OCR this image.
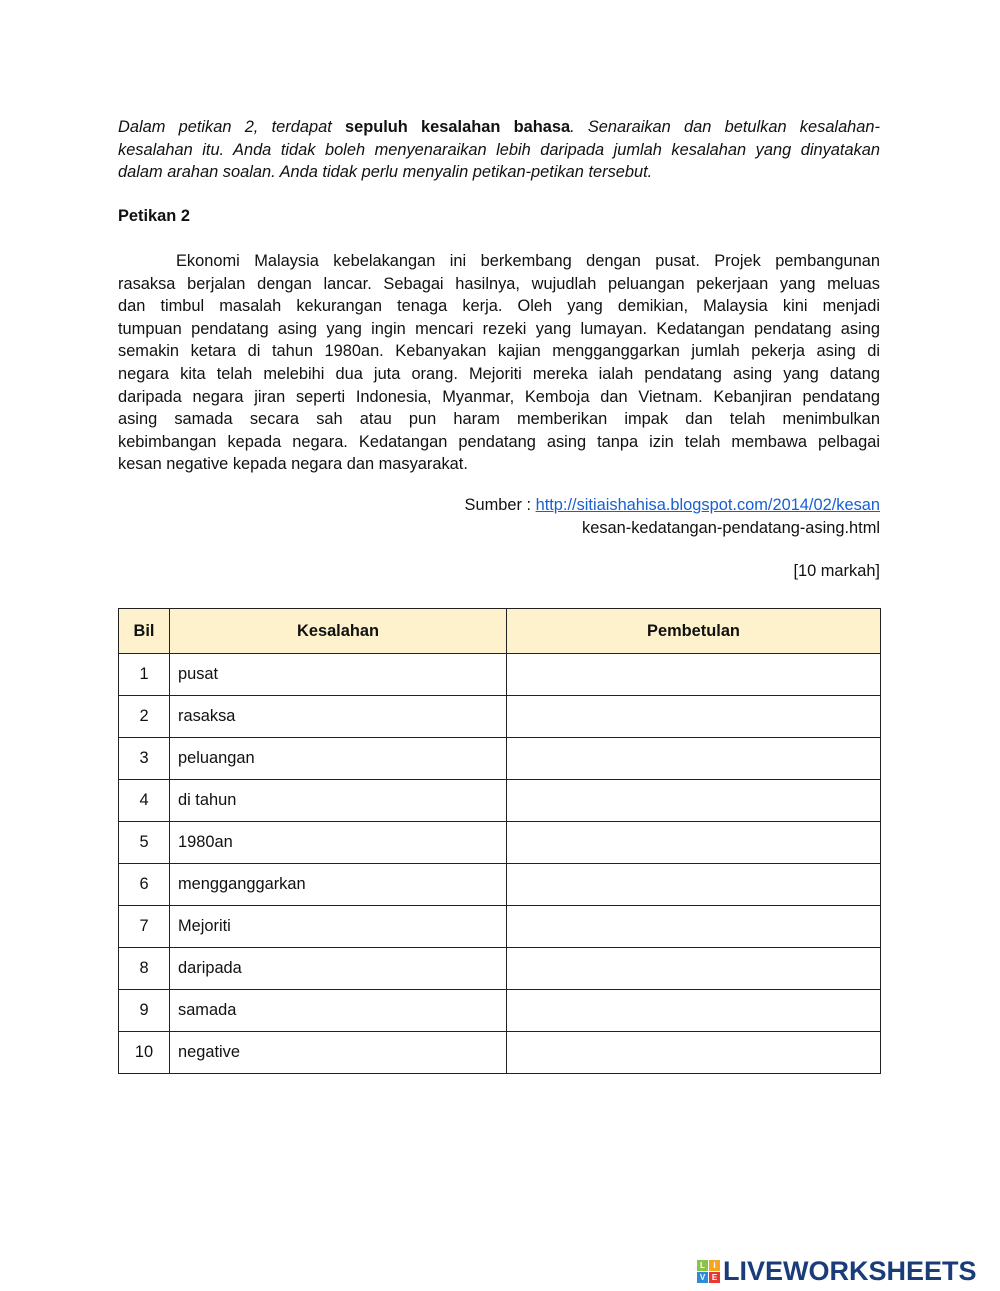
Dalam petikan 2, terdapat sepuluh kesalahan bahasa. Senaraikan dan betulkan kesalahan-
kesalahan itu. Anda tidak boleh menyenaraikan lebih daripada jumlah kesalahan yang dinyatakan
dalam arahan soalan. Anda tidak perlu menyalin petikan-petikan tersebut.
Petikan 2
Ekonomi Malaysia kebelakangan ini berkembang dengan pusat. Projek pembangunan
rasaksa berjalan dengan lancar. Sebagai hasilnya, wujudlah peluangan pekerjaan yang meluas
dan timbul masalah kekurangan tenaga kerja. Oleh yang demikian, Malaysia kini menjadi
tumpuan pendatang asing yang ingin mencari rezeki yang lumayan. Kedatangan pendatang asing
semakin ketara di tahun 1980an. Kebanyakan kajian mengganggarkan jumlah pekerja asing di
negara kita telah melebihi dua juta orang. Mejoriti mereka ialah pendatang asing yang datang
daripada negara jiran seperti Indonesia, Myanmar, Kemboja dan Vietnam. Kebanjiran pendatang
asing samada secara sah atau pun haram memberikan impak dan telah menimbulkan
kebimbangan kepada negara. Kedatangan pendatang asing tanpa izin telah membawa pelbagai
kesan negative kepada negara dan masyarakat.
Sumber : http://sitiaishahisa.blogspot.com/2014/02/kesan
kesan-kedatangan-pendatang-asing.html
[10 markah]
Bil	Kesalahan	Pembetulan
1	pusat	
2	rasaksa	
3	peluangan	
4	di tahun	
5	1980an	
6	mengganggarkan	
7	Mejoriti	
8	daripada	
9	samada	
10	negative	
L	I
V E LIVEWORKSHEETS
